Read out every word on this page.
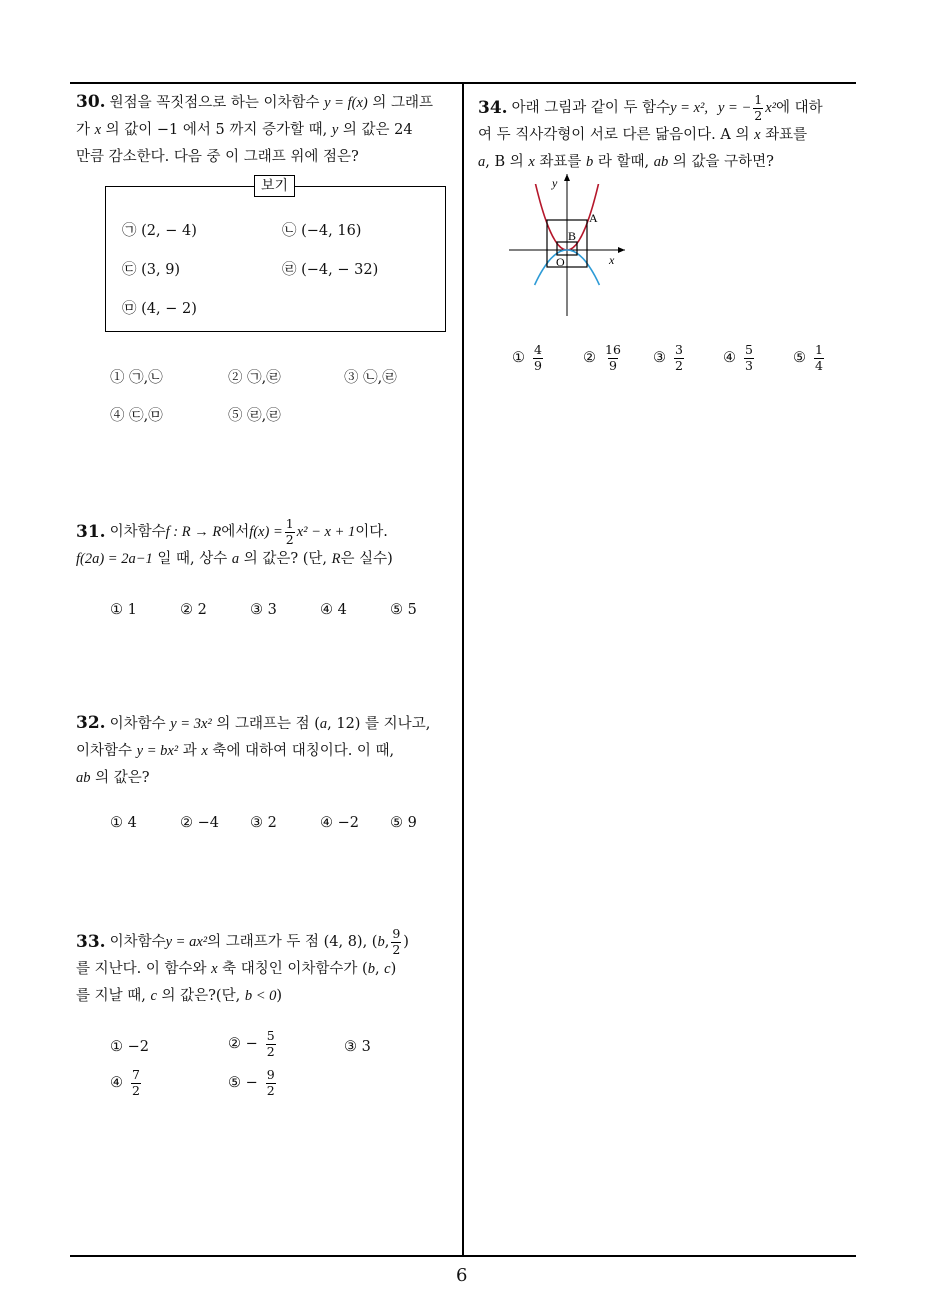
30. 원점을 꼭짓점으로 하는 이차함수 y = f(x) 의 그래프
가 x 의 값이 −1 에서 5 까지 증가할 때, y 의 값은 24
만큼 감소한다. 다음 중 이 그래프 위에 점은?
보기
㉠ (2, − 4)	㉡ (−4, 16)
㉢ (3, 9)	㉣ (−4, − 32)
㉤ (4, − 2)
① ㉠,㉡	② ㉠,㉣	③ ㉡,㉣
④ ㉢,㉤	⑤ ㉣,㉣
31. 이차함수 f : R → R 에서 $f(x) = \frac{1}{2} x^2 - x + 1$ 이다.
f(2a) = 2a−1 일 때, 상수 a 의 값은? (단, R은 실수)
① 1	② 2	③ 3	④ 4	⑤ 5
32. 이차함수 y = 3x² 의 그래프는 점 (a, 12) 를 지나고,
이차함수 y = bx² 과 x 축에 대하여 대칭이다. 이 때,
ab 의 값은?
① 4	② −4 ③ 2	④ −2 ⑤ 9
33. 이차함수 y = ax² 의 그래프가 두 점 (4, 8), ( b , $\frac{9}{2}$ )
를 지난다. 이 함수와 x 축 대칭인 이차함수가 (b, c)
를 지날 때, c 의 값은?(단, b < 0)
① −2	② − $\frac{5}{2}$	③ 3
④ $\frac{7}{2}$	⑤ − $\frac{9}{2}$
34. 아래 그림과 같이 두 함수 y = x², y = − $\frac{1}{2} x^2$ 에 대하
여 두 직사각형이 서로 다른 닮음이다. A 의 x 좌표를
a, B 의 x 좌표를 b 라 할때, ab 의 값을 구하면?
y
x
A
B
O
① $\frac{4}{9}$	② $\frac{16}{9}$ ③ $\frac{3}{2}$	④ $\frac{5}{3}$	⑤ $\frac{1}{4}$
6
